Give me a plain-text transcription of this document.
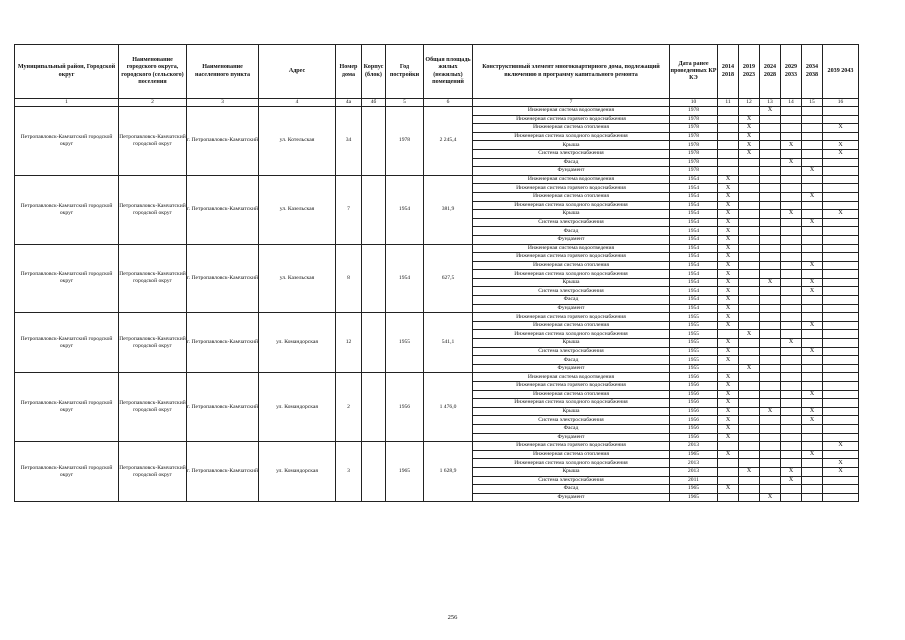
Муниципальный район, Городской округ	Наименование городского округа, городского (сельского) поселения	Наименование населенного пункта	Адрес	Номер дома	Корпус (блок)	Год постройки	Общая площадь жилых (нежилых) помещений	Конструктивный элемент многоквартирного дома, подлежащий включению в программу капитального ремонта	Дата ранее проведенных КР КЭ	2014 2018	2019 2023	2024 2028	2029 2033	2034 2038	2039 2043
1	2	3	4	4а	4б	5	6	7	10	11	12	13	14	15	16
Петропавловск-Камчатский городской округ	Петропавловск-Камчатский городской округ	г. Петропавловск-Камчатский	ул. Котельская	34		1978	2 245,4	Инженерная система водоотведения	1978			X			
								Инженерная система горячего водоснабжения	1978		X				
								Инженерная система отопления	1978		X				X
								Инженерная система холодного водоснабжения	1978		X				
								Крыша	1978		X		X		X
								Система электроснабжения	1978		X				X
								Фасад	1978				X		
								Фундамент	1978					X	
Петропавловск-Камчатский городской округ	Петропавловск-Камчатский городской округ	г. Петропавловск-Камчатский	ул. Казельская	7		1954	381,9	Инженерная система водоотведения	1954	X					
								Инженерная система горячего водоснабжения	1954	X					
								Инженерная система отопления	1954	X				X	
								Инженерная система холодного водоснабжения	1954	X					
								Крыша	1954	X			X		X
								Система электроснабжения	1954	X				X	
								Фасад	1954	X					
								Фундамент	1954	X					
Петропавловск-Камчатский городской округ	Петропавловск-Камчатский городской округ	г. Петропавловск-Камчатский	ул. Казельская	8		1954	627,5	Инженерная система водоотведения	1954	X					
								Инженерная система горячего водоснабжения	1954	X					
								Инженерная система отопления	1954	X				X	
								Инженерная система холодного водоснабжения	1954	X					
								Крыша	1954	X		X		X	
								Система электроснабжения	1954	X				X	
								Фасад	1954	X					
								Фундамент	1954	X					
Петропавловск-Камчатский городской округ	Петропавловск-Камчатский городской округ	г. Петропавловск-Камчатский	ул. Командорская	12		1955	541,1	Инженерная система горячего водоснабжения	1955	X					
								Инженерная система отопления	1955	X				X	
								Инженерная система холодного водоснабжения	1955		X				
								Крыша	1955	X			X		
								Система электроснабжения	1955	X				X	
								Фасад	1955	X					
								Фундамент	1955		X				
Петропавловск-Камчатский городской округ	Петропавловск-Камчатский городской округ	г. Петропавловск-Камчатский	ул. Командорская	2		1956	1 476,0	Инженерная система водоотведения	1956	X					
								Инженерная система горячего водоснабжения	1956	X					
								Инженерная система отопления	1956	X				X	
								Инженерная система холодного водоснабжения	1956	X					
								Крыша	1956	X		X		X	
								Система электроснабжения	1956	X				X	
								Фасад	1956	X					
								Фундамент	1956	X					
Петропавловск-Камчатский городской округ	Петропавловск-Камчатский городской округ	г. Петропавловск-Камчатский	ул. Командорская	3		1965	1 628,9	Инженерная система горячего водоснабжения	2013						X
								Инженерная система отопления	1965	X				X	
								Инженерная система холодного водоснабжения	2013						X
								Крыша	2013		X		X		X
								Система электроснабжения	2011				X		
								Фасад	1965	X					
								Фундамент	1965			X			
256
